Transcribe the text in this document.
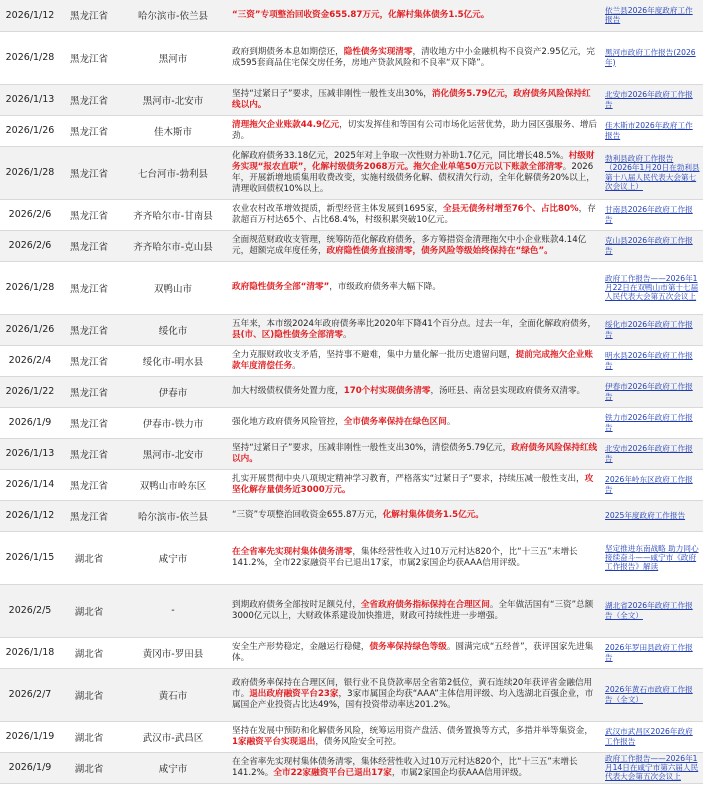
2026/1/12	黑龙江省	哈尔滨市-依兰县	“三资”专项整治回收资金655.87万元，化解村集体债务1.5亿元。	依兰县2026年度政府工作报告
2026/1/28	黑龙江省	黑河市	政府到期债务本息如期偿还，隐性债务实现清零，清收地方中小金融机构不良资产2.95亿元，完成595套商品住宅保交房任务，房地产贷款风险和不良率“双下降”。	黑河市政府工作报告(2026年)
2026/1/13	黑龙江省	黑河市-北安市	坚持“过紧日子”要求，压减非刚性一般性支出30%，消化债务5.79亿元，政府债务风险保持红线以内。	北安市2026年政府工作报告
2026/1/26	黑龙江省	佳木斯市	清理拖欠企业账款44.9亿元，切实发挥佳和等国有公司市场化运营优势，助力园区强服务、增后劲。	佳木斯市2026年政府工作报告
2026/1/28	黑龙江省	七台河市-勃利县	化解政府债务33.18亿元，2025年对上争取一次性财力补助1.7亿元，同比增长48.5%。村级财务实现“报农直联”，化解村级债务2068万元。拖欠企业单笔50万元以下账款全部清零。2026年，开展新增地质集用收费改变，实施村级债务化解、债权清欠行动，全年化解债务20%以上，清理收回债权10%以上。	勃利县政府工作报告（2026年1月20日在勃利县第十八届人民代表大会第七次会议上）
2026/2/6	黑龙江省	齐齐哈尔市-甘南县	农业农村改革增效提质，新型经营主体发展到1695家，全县无债务村增至76个、占比80%，存款超百万村达65个、占比68.4%，村级积累突破10亿元。	甘南县2026年政府工作报告
2026/2/6	黑龙江省	齐齐哈尔市-克山县	全面规范财政收支管理，统筹防范化解政府债务，多方筹措资金清理拖欠中小企业账款4.14亿元，超额完成年度任务，政府隐性债务直接清零，债务风险等级始终保持在“绿色”。	克山县2026年政府工作报告
2026/1/28	黑龙江省	双鸭山市	政府隐性债务全部“清零”，市级政府债务率大幅下降。	政府工作报告——2026年1月22日在双鸭山市第十七届人民代表大会第五次会议上
2026/1/26	黑龙江省	绥化市	五年来，本市级2024年政府债务率比2020年下降41个百分点。过去一年，全面化解政府债务，县(市、区)隐性债务全部清零。	绥化市2026年政府工作报告
2026/2/4	黑龙江省	绥化市-明水县	全力克服财政收支矛盾，坚持事不避难，集中力量化解一批历史遗留问题，提前完成拖欠企业账款年度清偿任务。	明水县2026年政府工作报告
2026/1/22	黑龙江省	伊春市	加大村级债权债务处置力度，170个村实现债务清零，汤旺县、南岔县实现政府债务双清零。	伊春市2026年政府工作报告
2026/1/9	黑龙江省	伊春市-铁力市	强化地方政府债务风险管控，全市债务率保持在绿色区间。	铁力市2026年政府工作报告
2026/1/13	黑龙江省	黑河市-北安市	坚持“过紧日子”要求，压减非刚性一般性支出30%，清偿债务5.79亿元，政府债务风险保持红线以内。	北安市2026年政府工作报告
2026/1/14	黑龙江省	双鸭山市岭东区	扎实开展贯彻中央八项规定精神学习教育，严格落实“过紧日子”要求，持续压减一般性支出，攻坚化解存量债务近3000万元。	2026年岭东区政府工作报告
2026/1/12	黑龙江省	哈尔滨市-依兰县	“三资”专项整治回收资金655.87万元，化解村集体债务1.5亿元。	2025年度政府工作报告
2026/1/15	湖北省	咸宁市	在全省率先实现村集体债务清零，集体经营性收入过10万元村达820个，比“十三五”末增长141.2%，全市22家融资平台已退出17家，市属2家国企均获AAA信用评级。	坚定推进东南战略 助力同心接续奋斗——咸宁市《政府工作报告》解读
2026/2/5	湖北省	-	到期政府债务全部按时足额兑付，全省政府债务指标保持在合理区间。全年做活国有“三资”总额3000亿元以上，大财政体系建设加快推进，财政可持续性进一步增强。	湖北省2026年政府工作报告（全文）
2026/1/18	湖北省	黄冈市-罗田县	安全生产形势稳定，金融运行稳健，债务率保持绿色等级。圆满完成“五经普”，获评国家先进集体。	2026年罗田县政府工作报告
2026/2/7	湖北省	黄石市	政府债务率保持在合理区间，银行业不良贷款率居全省第2低位，黄石连续20年获评省金融信用市。退出政府融资平台23家，3家市属国企均获“AAA”主体信用评级、均入选湖北百强企业，市属国企产业投资占比达49%，国有投资带动率达201.2%。	2026年黄石市政府工作报告（全文）
2026/1/19	湖北省	武汉市-武昌区	坚持在发展中预防和化解债务风险，统筹运用资产盘活、债务置换等方式，多措并举等集资金，1家融资平台实现退出，债务风险安全可控。	武汉市武昌区2026年政府工作报告
2026/1/9	湖北省	咸宁市	在全省率先实现村集体债务清零，集体经营性收入过10万元村达820个，比“十三五”末增长141.2%。全市22家融资平台已退出17家，市属2家国企均获AAA信用评级。	政府工作报告——2026年1月14日在咸宁市第六届人民代表大会第五次会议上
